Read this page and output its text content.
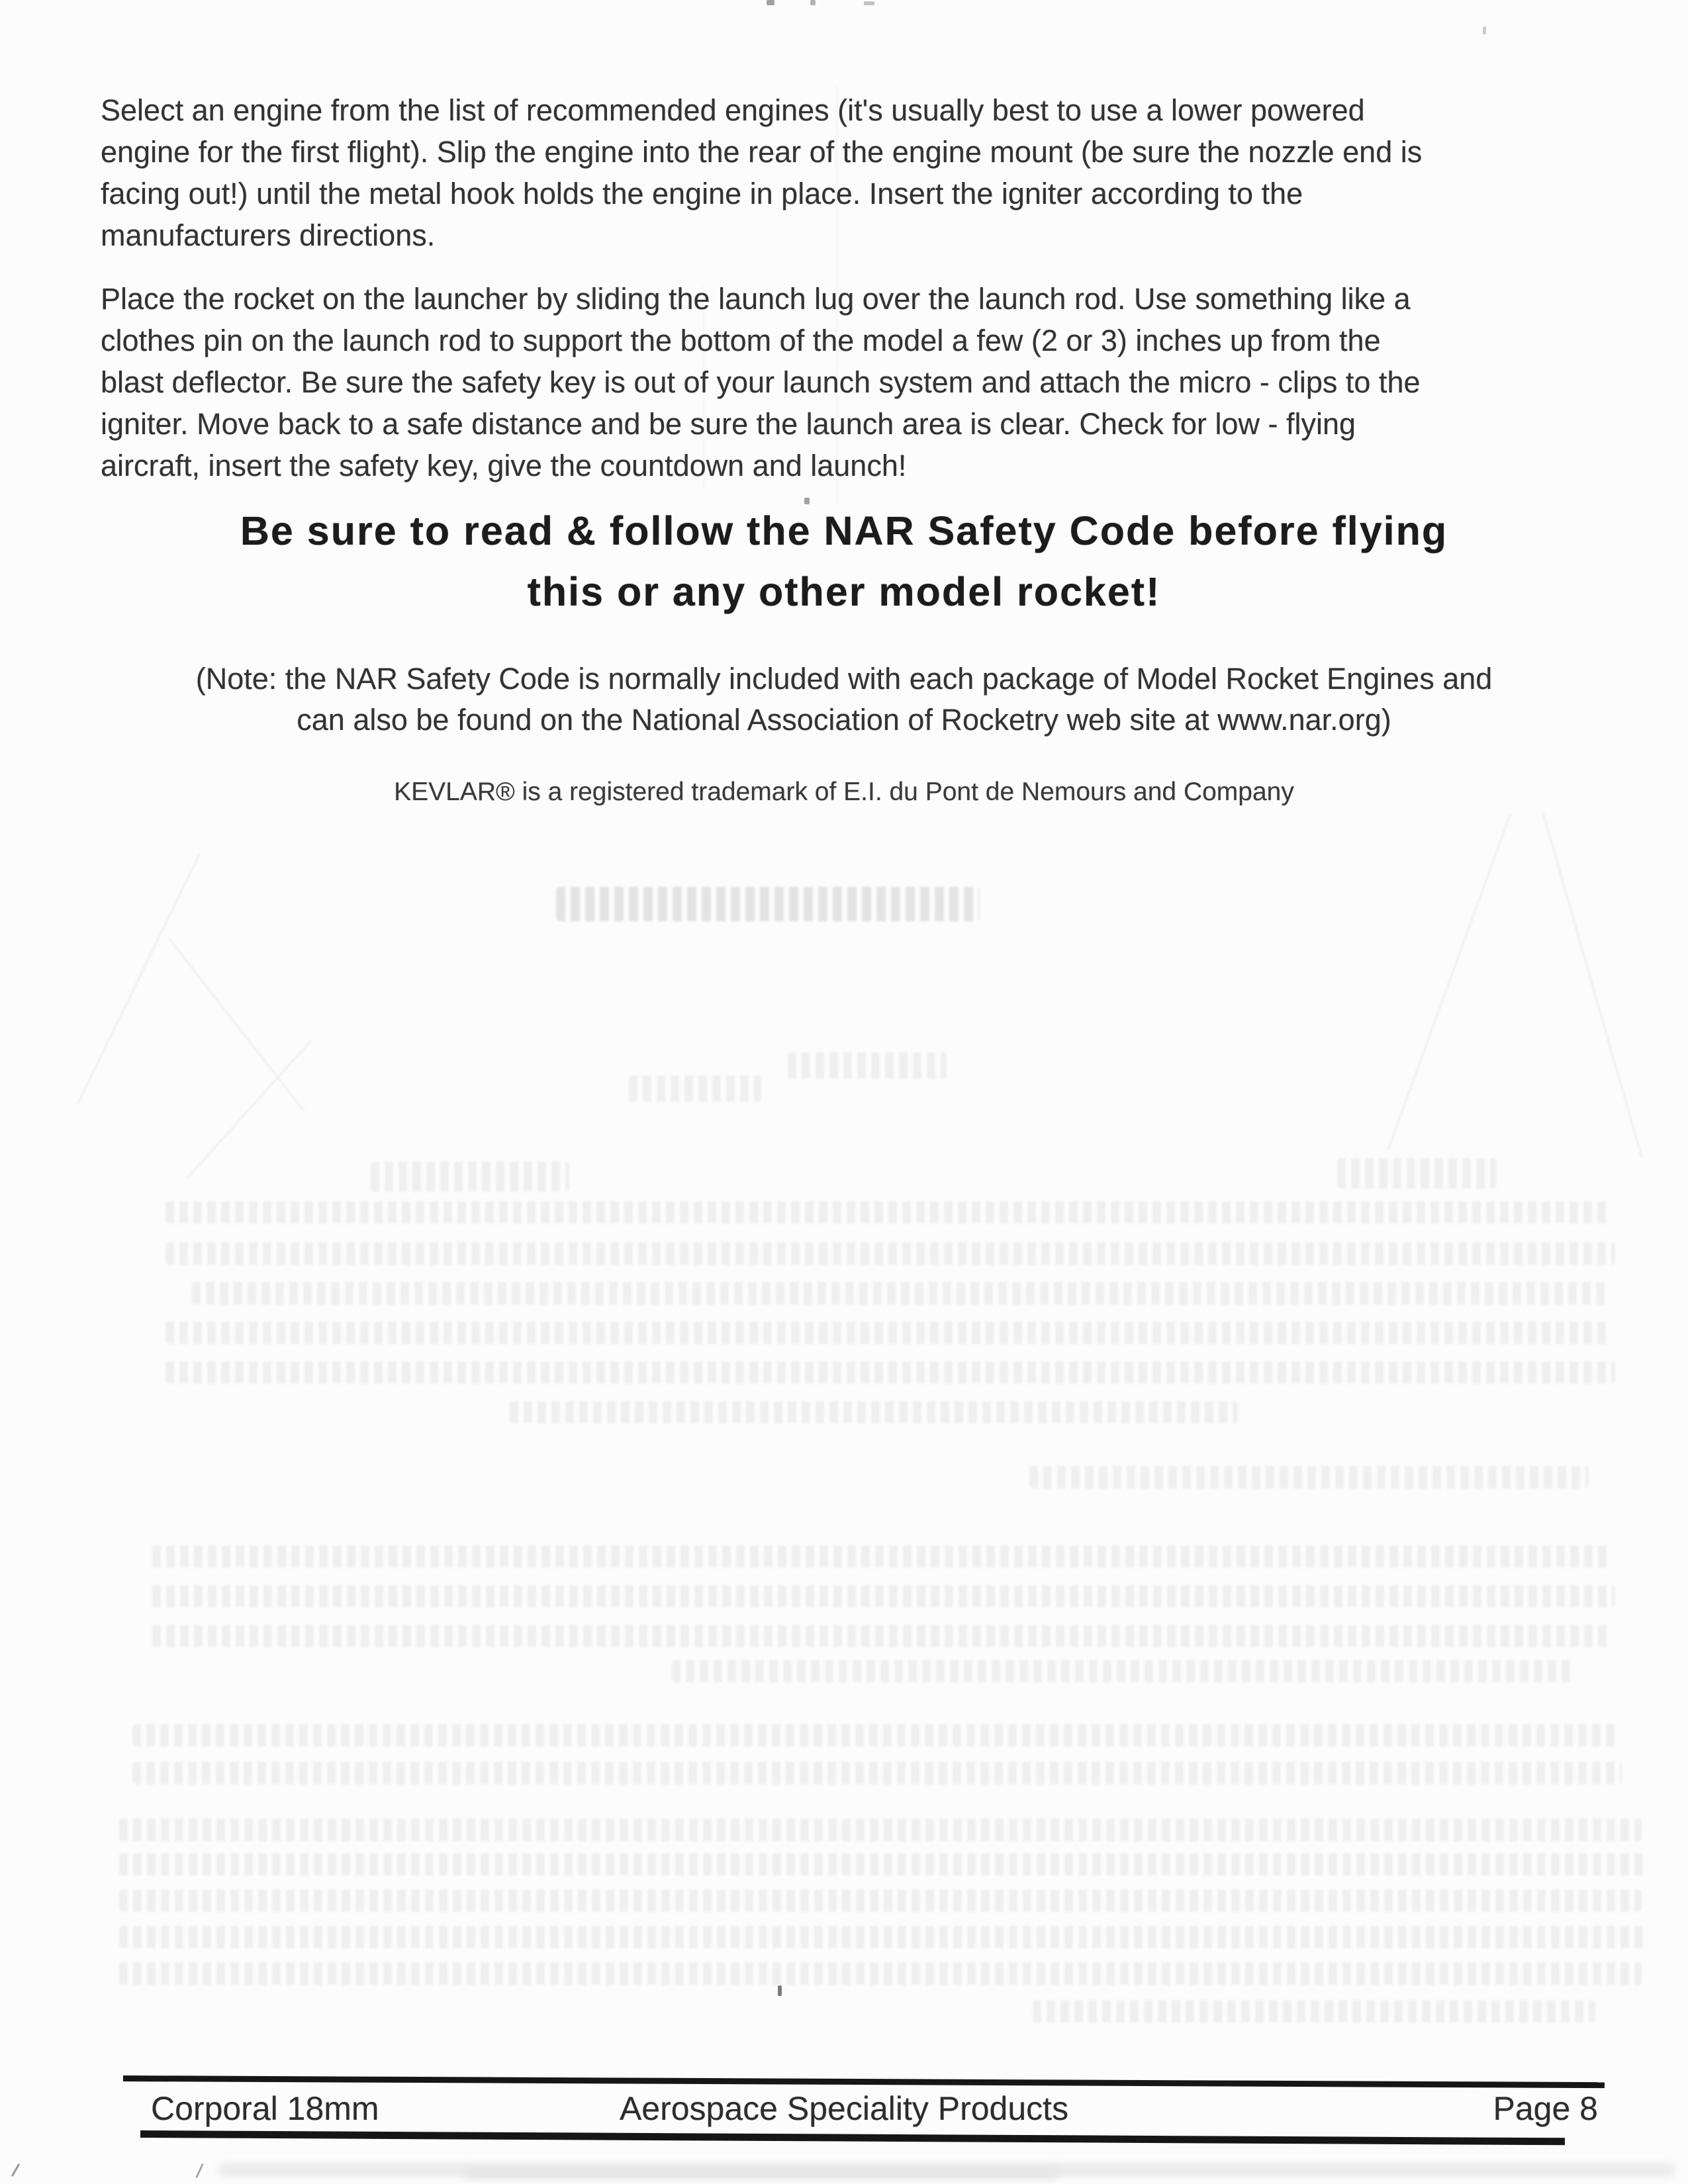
Select an engine from the list of recommended engines (it's usually best to use a lower powered
engine for the first flight). Slip the engine into the rear of the engine mount (be sure the nozzle end is
facing out!) until the metal hook holds the engine in place. Insert the igniter according to the
manufacturers directions.
Place the rocket on the launcher by sliding the launch lug over the launch rod. Use something like a
clothes pin on the launch rod to support the bottom of the model a few (2 or 3) inches up from the
blast deflector. Be sure the safety key is out of your launch system and attach the micro - clips to the
igniter. Move back to a safe distance and be sure the launch area is clear. Check for low - flying
aircraft, insert the safety key, give the countdown and launch!
Be sure to read & follow the NAR Safety Code before flying
this or any other model rocket!
(Note: the NAR Safety Code is normally included with each package of Model Rocket Engines and
can also be found on the National Association of Rocketry web site at www.nar.org)
KEVLAR® is a registered trademark of E.I. du Pont de Nemours and Company
Corporal 18mm	Aerospace Speciality Products	Page 8
